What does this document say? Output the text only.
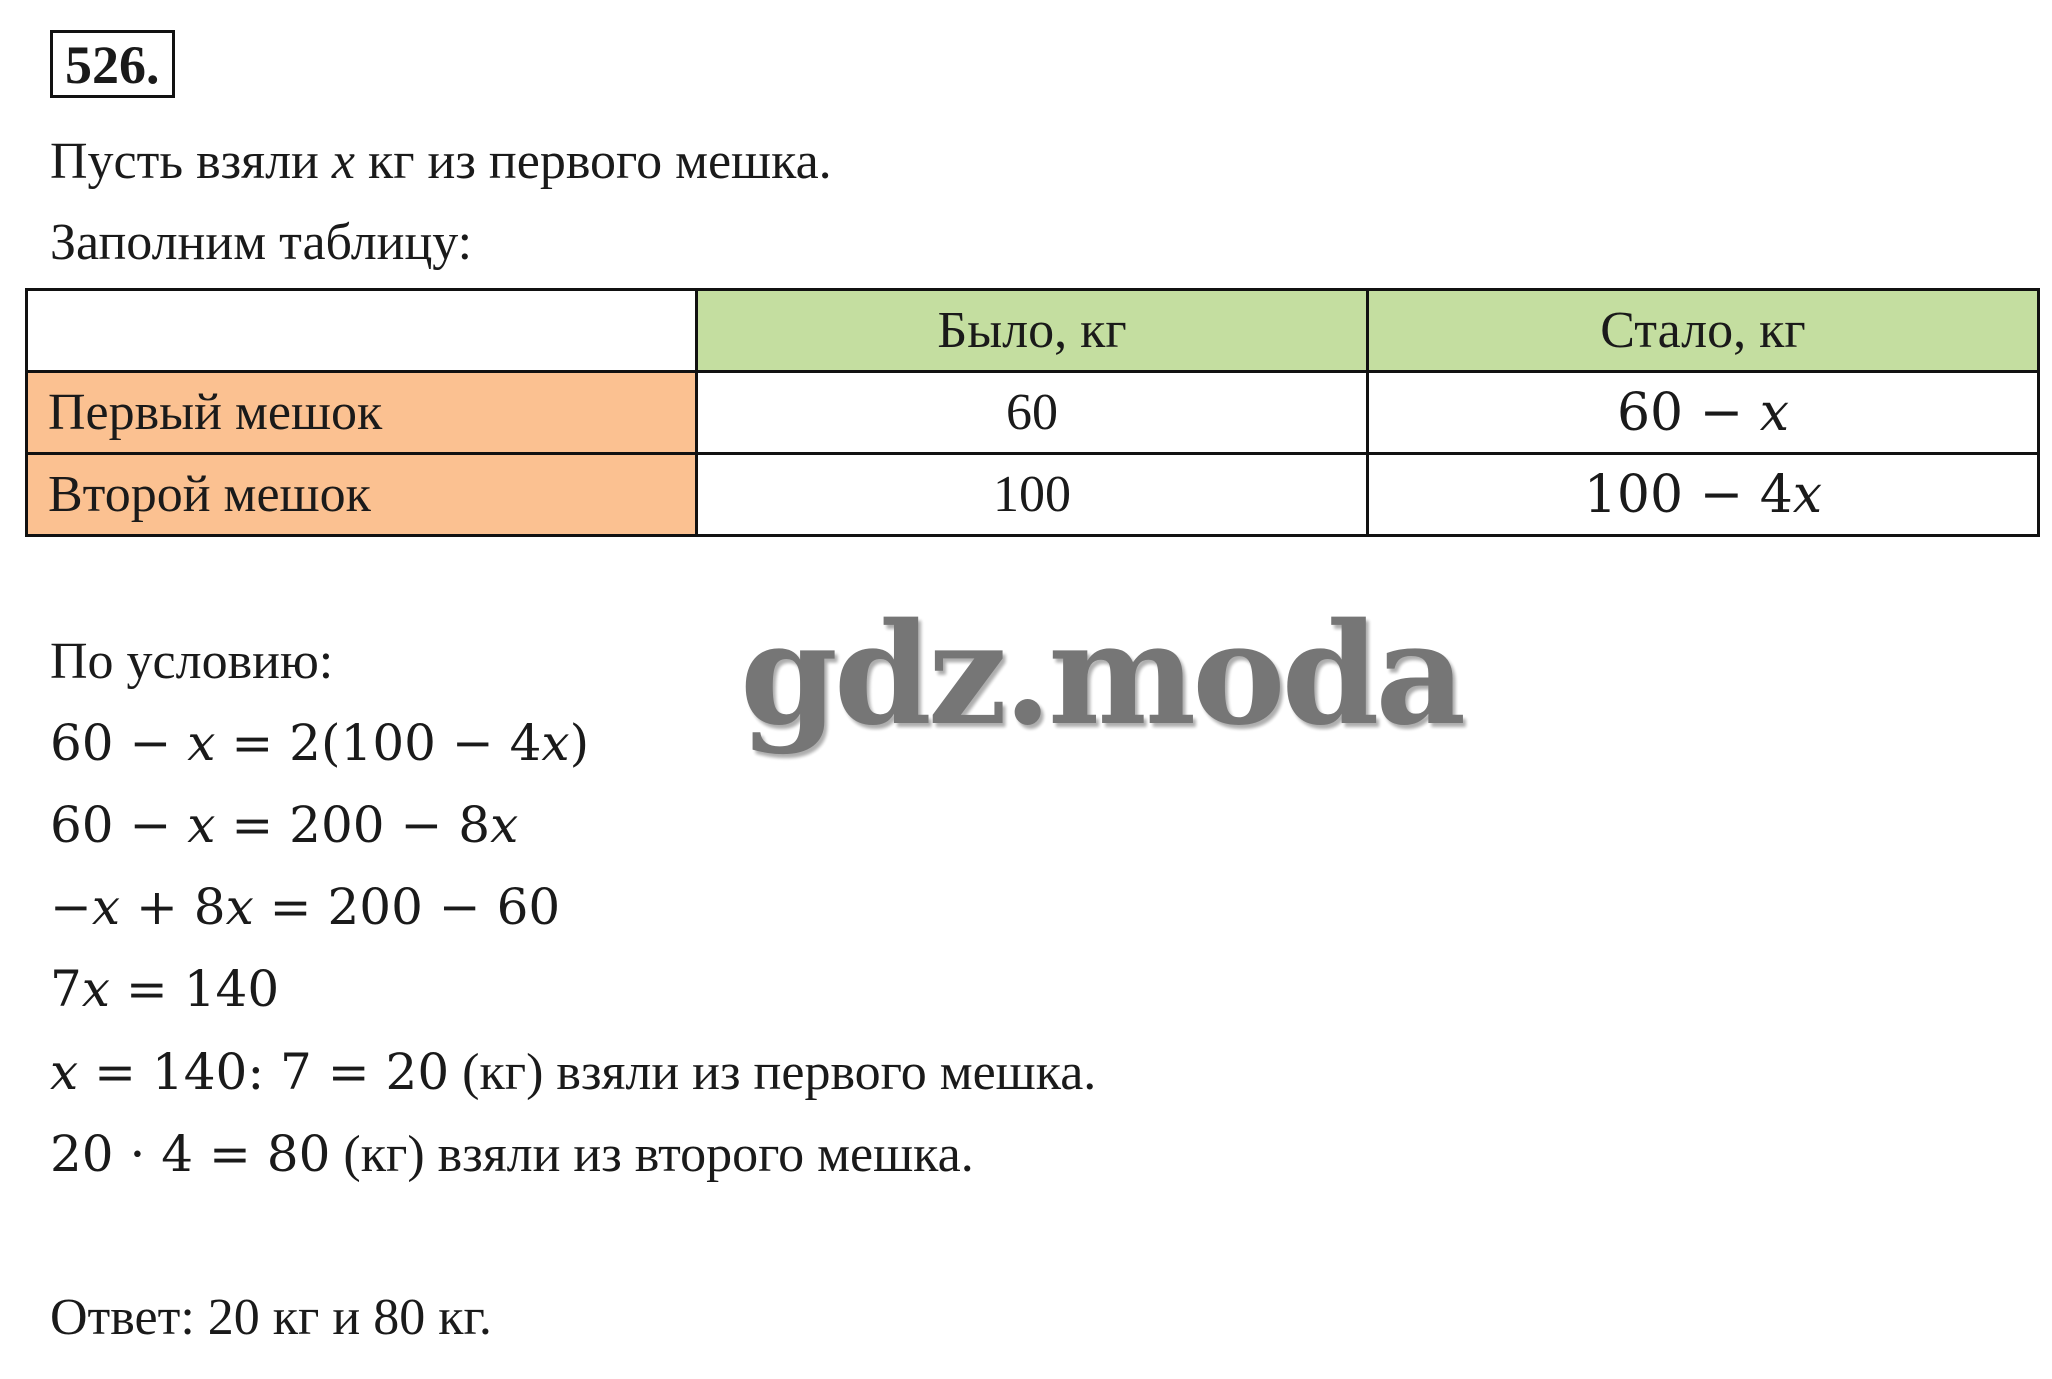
526.
Пусть взяли x кг из первого мешка.
Заполним таблицу:
	Было, кг	Стало, кг
Первый мешок	60	60 − 𝑥
Второй мешок	100	100 − 4𝑥
По условию:
60 − 𝑥 = 2(100 − 4𝑥)
60 − 𝑥 = 200 − 8𝑥
−𝑥 + 8𝑥 = 200 − 60
7𝑥 = 140
𝑥 = 140: 7 = 20 (кг) взяли из первого мешка.
20 · 4 = 80 (кг) взяли из второго мешка.
Ответ: 20 кг и 80 кг.
gdz.moda
